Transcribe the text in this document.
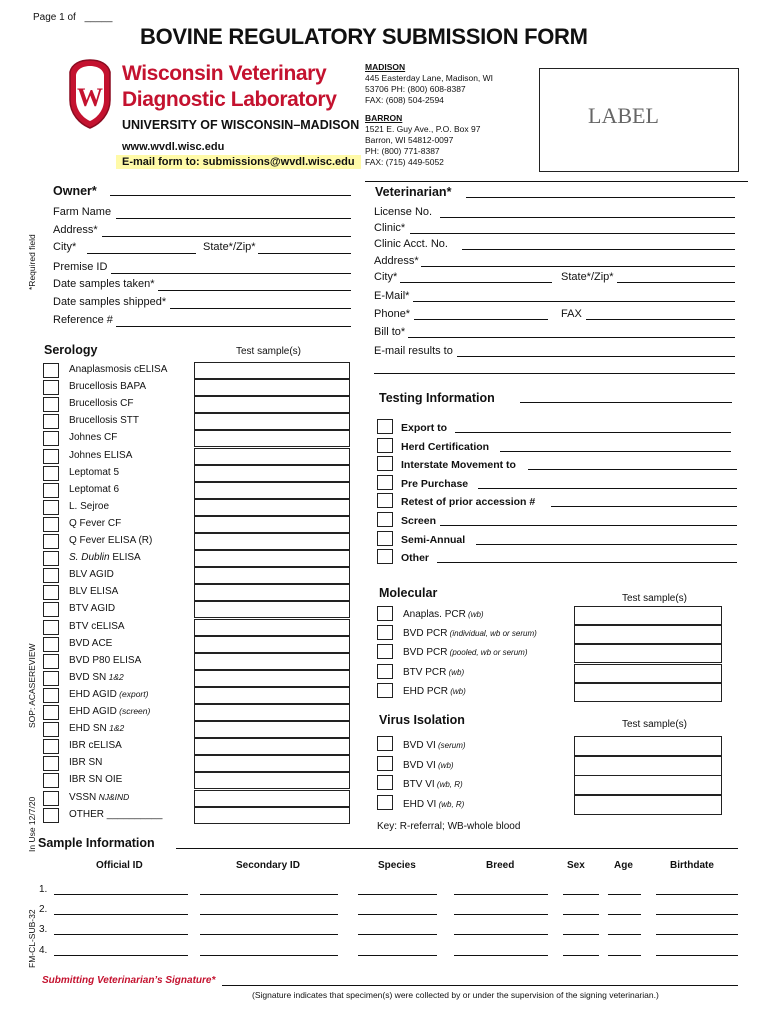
Page 1 of _____
BOVINE REGULATORY SUBMISSION FORM
W
Wisconsin Veterinary
Diagnostic Laboratory
UNIVERSITY OF WISCONSIN–MADISON
www.wvdl.wisc.edu
E-mail form to: submissions@wvdl.wisc.edu
MADISON
445 Easterday Lane, Madison, WI
53706 PH: (800) 608-8387
FAX: (608) 504-2594
BARRON
1521 E. Guy Ave., P.O. Box 97
Barron, WI 54812-0097
PH: (800) 771-8387
FAX: (715) 449-5052
LABEL
*Required field
SOP: ACASEREVIEW
In Use 12/7/20
FM-CL-SUB-32
Owner*
Farm Name
Address*
City*	State*/Zip*
Premise ID
Date samples taken*
Date samples shipped*
Reference #
Veterinarian*
License No.
Clinic*
Clinic Acct. No.
Address*
City*	State*/Zip*
E-Mail*
Phone*	FAX
Bill to*
E-mail results to
Serology	Test sample(s)
Anaplasmosis cELISA
Brucellosis BAPA
Brucellosis CF
Brucellosis STT
Johnes CF
Johnes ELISA
Leptomat 5
Leptomat 6
L. Sejroe
Q Fever CF
Q Fever ELISA (R)
S. Dublin ELISA
BLV AGID
BLV ELISA
BTV AGID
BTV cELISA
BVD ACE
BVD P80 ELISA
BVD SN 1&2
EHD AGID (export)
EHD AGID (screen)
EHD SN 1&2
IBR cELISA
IBR SN
IBR SN OIE
VSSN NJ&IND
OTHER __________
Testing Information
Export to
Herd Certification
Interstate Movement to
Pre Purchase
Retest of prior accession #
Screen
Semi-Annual
Other
Molecular	Test sample(s)
Anaplas. PCR (wb)
BVD PCR (individual, wb or serum)
BVD PCR (pooled, wb or serum)
BTV PCR (wb)
EHD PCR (wb)
Virus Isolation	Test sample(s)
BVD VI (serum)
BVD VI (wb)
BTV VI (wb, R)
EHD VI (wb, R)
Key: R-referral; WB-whole blood
Sample Information
Official ID	Secondary ID	Species	Breed	Sex	Age	Birthdate
1.
2.
3.
4.
Submitting Veterinarian’s Signature*
(Signature indicates that specimen(s) were collected by or under the supervision of the signing veterinarian.)
